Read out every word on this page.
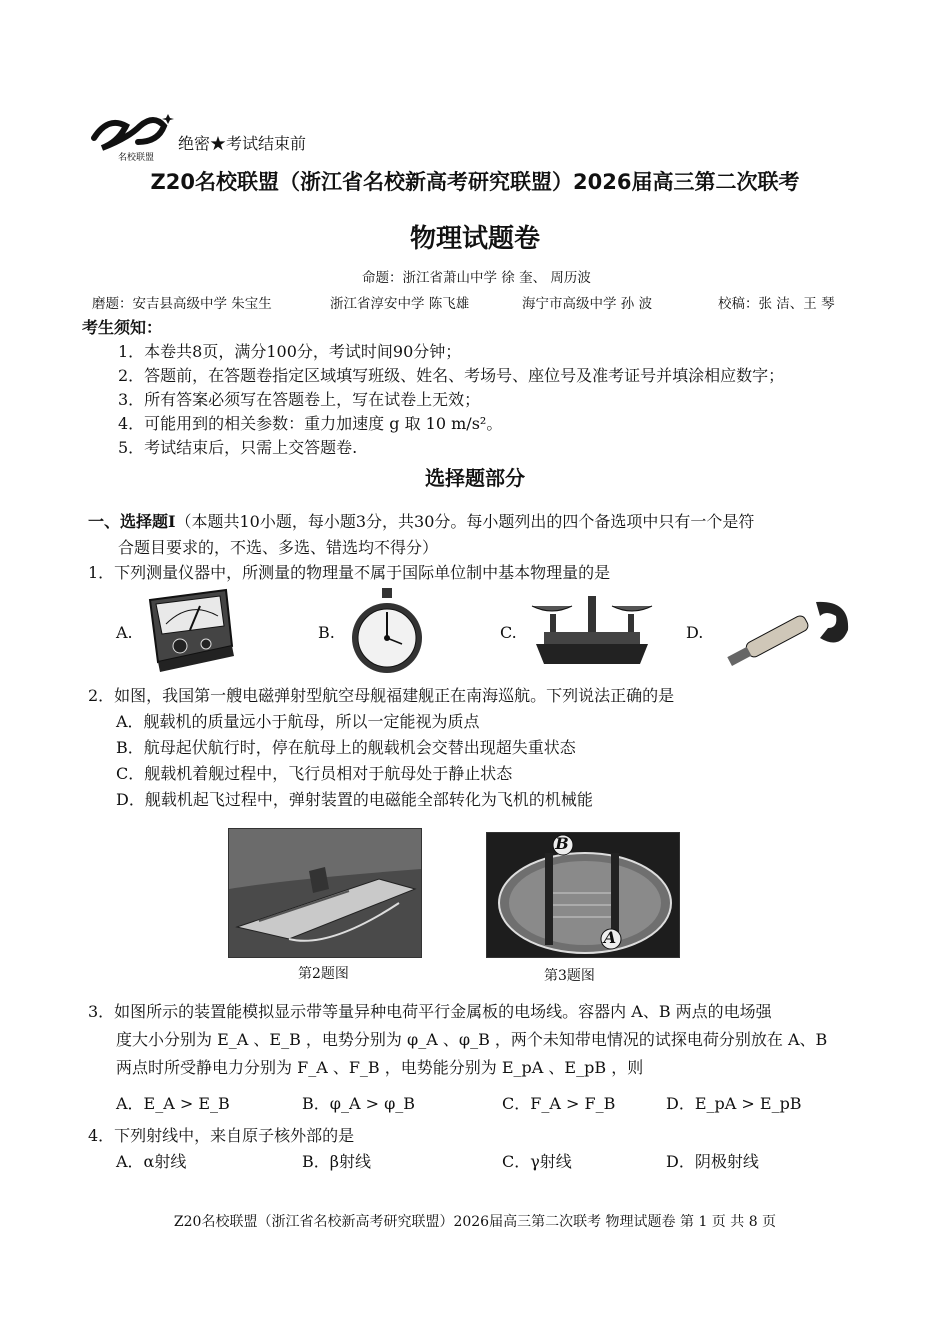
名校联盟
绝密★考试结束前
Z20名校联盟（浙江省名校新高考研究联盟）2026届高三第二次联考
物理试题卷
命题：浙江省萧山中学 徐 奎、 周历波
磨题：安吉县高级中学 朱宝生	浙江省淳安中学 陈飞雄	海宁市高级中学 孙 波	校稿：张 洁、王 琴
考生须知：
1．本卷共8页，满分100分，考试时间90分钟；
2．答题前，在答题卷指定区域填写班级、姓名、考场号、座位号及准考证号并填涂相应数字；
3．所有答案必须写在答题卷上，写在试卷上无效；
4．可能用到的相关参数：重力加速度 g 取 10 m/s²。
5．考试结束后，只需上交答题卷.
选择题部分
一、选择题Ⅰ（本题共10小题，每小题3分，共30分。每小题列出的四个备选项中只有一个是符
合题目要求的，不选、多选、错选均不得分）
1．下列测量仪器中，所测量的物理量不属于国际单位制中基本物理量的是
A.	B.	C.	D.
2．如图，我国第一艘电磁弹射型航空母舰福建舰正在南海巡航。下列说法正确的是
A．舰载机的质量远小于航母，所以一定能视为质点
B．航母起伏航行时，停在航母上的舰载机会交替出现超失重状态
C．舰载机着舰过程中，飞行员相对于航母处于静止状态
D．舰载机起飞过程中，弹射装置的电磁能全部转化为飞机的机械能
第2题图
B
A
第3题图
3．如图所示的装置能模拟显示带等量异种电荷平行金属板的电场线。容器内 A、B 两点的电场强
度大小分别为 E_A 、E_B ，电势分别为 φ_A 、φ_B ，两个未知带电情况的试探电荷分别放在 A、B
两点时所受静电力分别为 F_A 、F_B ，电势能分别为 E_pA 、E_pB ，则
A．E_A > E_B	B．φ_A > φ_B	C．F_A > F_B	D．E_pA > E_pB
4．下列射线中，来自原子核外部的是
A．α射线	B．β射线	C．γ射线	D．阴极射线
Z20名校联盟（浙江省名校新高考研究联盟）2026届高三第二次联考 物理试题卷 第 1 页 共 8 页
